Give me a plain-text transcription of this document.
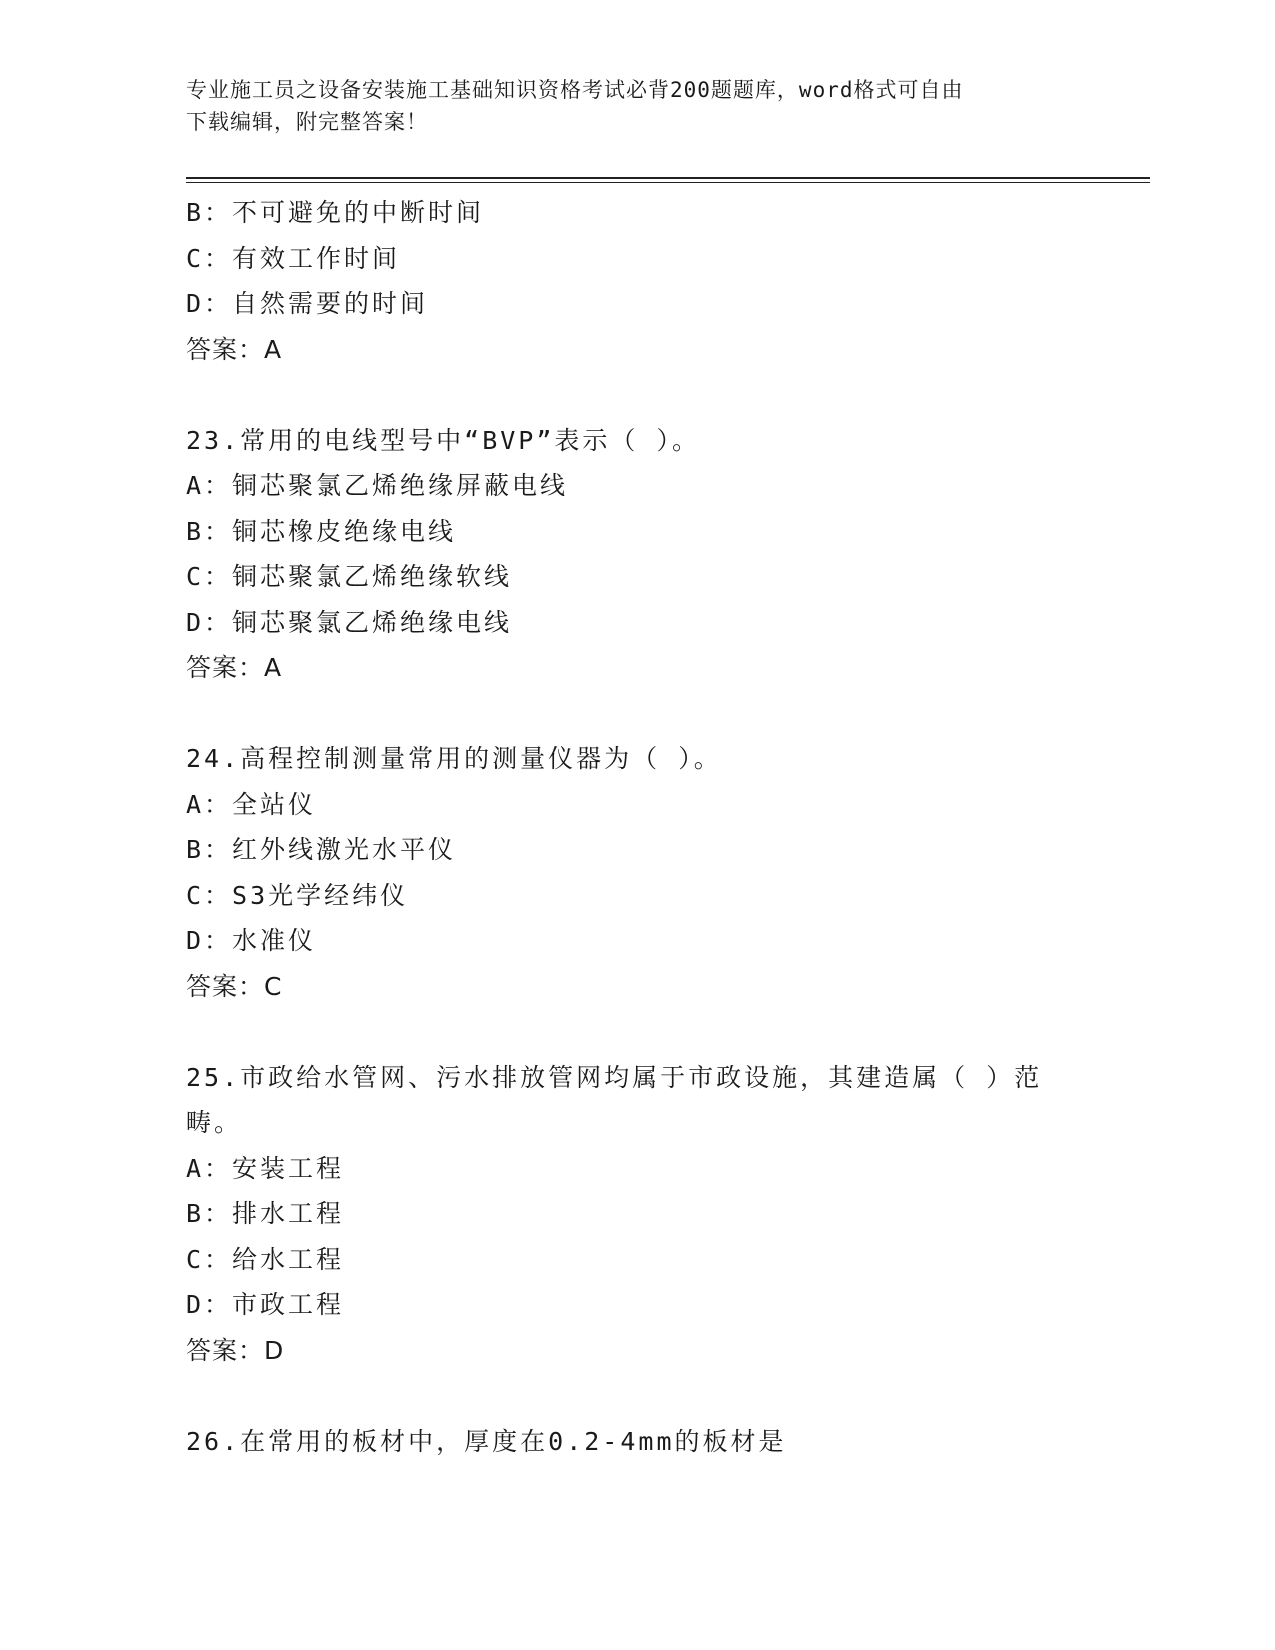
专业施工员之设备安装施工基础知识资格考试必背200题题库，word格式可自由
下载编辑，附完整答案！
B：不可避免的中断时间
C：有效工作时间
D：自然需要的时间
答案：A
23.常用的电线型号中“BVP”表示（ ）。
A：铜芯聚氯乙烯绝缘屏蔽电线
B：铜芯橡皮绝缘电线
C：铜芯聚氯乙烯绝缘软线
D：铜芯聚氯乙烯绝缘电线
答案：A
24.高程控制测量常用的测量仪器为（ ）。
A：全站仪
B：红外线激光水平仪
C：S3光学经纬仪
D：水准仪
答案：C
25.市政给水管网、污水排放管网均属于市政设施，其建造属（ ）范
畴。
A：安装工程
B：排水工程
C：给水工程
D：市政工程
答案：D
26.在常用的板材中，厚度在0.2-4mm的板材是
